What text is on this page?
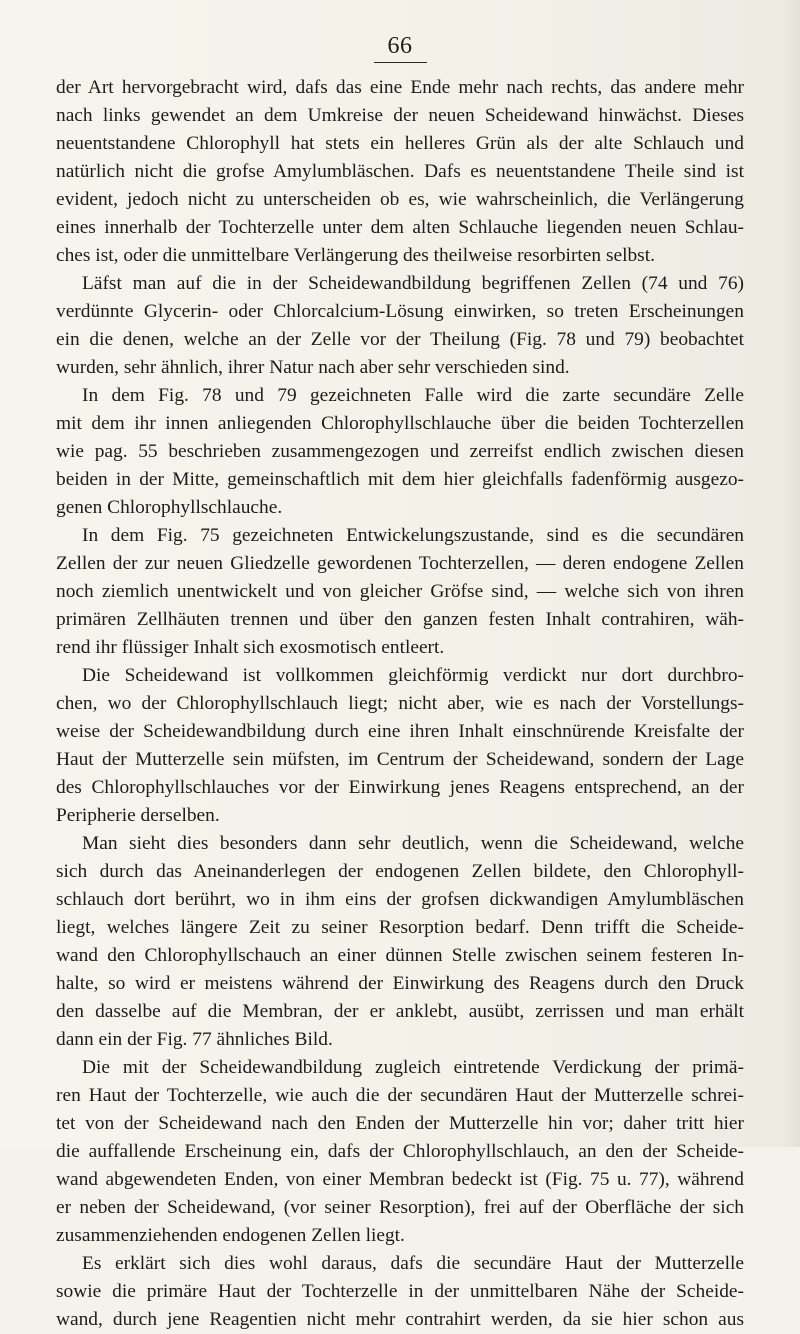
66
der Art hervorgebracht wird, dafs das eine Ende mehr nach rechts, das andere mehr
nach links gewendet an dem Umkreise der neuen Scheidewand hinwächst. Dieses
neuentstandene Chlorophyll hat stets ein helleres Grün als der alte Schlauch und
natürlich nicht die grofse Amylumbläschen. Dafs es neuentstandene Theile sind ist
evident, jedoch nicht zu unterscheiden ob es, wie wahrscheinlich, die Verlängerung
eines innerhalb der Tochterzelle unter dem alten Schlauche liegenden neuen Schlau-
ches ist, oder die unmittelbare Verlängerung des theilweise resorbirten selbst.
Läfst man auf die in der Scheidewandbildung begriffenen Zellen (74 und 76)
verdünnte Glycerin- oder Chlorcalcium-Lösung einwirken, so treten Erscheinungen
ein die denen, welche an der Zelle vor der Theilung (Fig. 78 und 79) beobachtet
wurden, sehr ähnlich, ihrer Natur nach aber sehr verschieden sind.
In dem Fig. 78 und 79 gezeichneten Falle wird die zarte secundäre Zelle
mit dem ihr innen anliegenden Chlorophyllschlauche über die beiden Tochterzellen
wie pag. 55 beschrieben zusammengezogen und zerreifst endlich zwischen diesen
beiden in der Mitte, gemeinschaftlich mit dem hier gleichfalls fadenförmig ausgezo-
genen Chlorophyllschlauche.
In dem Fig. 75 gezeichneten Entwickelungszustande, sind es die secundären
Zellen der zur neuen Gliedzelle gewordenen Tochterzellen, — deren endogene Zellen
noch ziemlich unentwickelt und von gleicher Gröfse sind, — welche sich von ihren
primären Zellhäuten trennen und über den ganzen festen Inhalt contrahiren, wäh-
rend ihr flüssiger Inhalt sich exosmotisch entleert.
Die Scheidewand ist vollkommen gleichförmig verdickt nur dort durchbro-
chen, wo der Chlorophyllschlauch liegt; nicht aber, wie es nach der Vorstellungs-
weise der Scheidewandbildung durch eine ihren Inhalt einschnürende Kreisfalte der
Haut der Mutterzelle sein müfsten, im Centrum der Scheidewand, sondern der Lage
des Chlorophyllschlauches vor der Einwirkung jenes Reagens entsprechend, an der
Peripherie derselben.
Man sieht dies besonders dann sehr deutlich, wenn die Scheidewand, welche
sich durch das Aneinanderlegen der endogenen Zellen bildete, den Chlorophyll-
schlauch dort berührt, wo in ihm eins der grofsen dickwandigen Amylumbläschen
liegt, welches längere Zeit zu seiner Resorption bedarf. Denn trifft die Scheide-
wand den Chlorophyllschauch an einer dünnen Stelle zwischen seinem festeren In-
halte, so wird er meistens während der Einwirkung des Reagens durch den Druck
den dasselbe auf die Membran, der er anklebt, ausübt, zerrissen und man erhält
dann ein der Fig. 77 ähnliches Bild.
Die mit der Scheidewandbildung zugleich eintretende Verdickung der primä-
ren Haut der Tochterzelle, wie auch die der secundären Haut der Mutterzelle schrei-
tet von der Scheidewand nach den Enden der Mutterzelle hin vor; daher tritt hier
die auffallende Erscheinung ein, dafs der Chlorophyllschlauch, an den der Scheide-
wand abgewendeten Enden, von einer Membran bedeckt ist (Fig. 75 u. 77), während
er neben der Scheidewand, (vor seiner Resorption), frei auf der Oberfläche der sich
zusammenziehenden endogenen Zellen liegt.
Es erklärt sich dies wohl daraus, dafs die secundäre Haut der Mutterzelle
sowie die primäre Haut der Tochterzelle in der unmittelbaren Nähe der Scheide-
wand, durch jene Reagentien nicht mehr contrahirt werden, da sie hier schon aus
